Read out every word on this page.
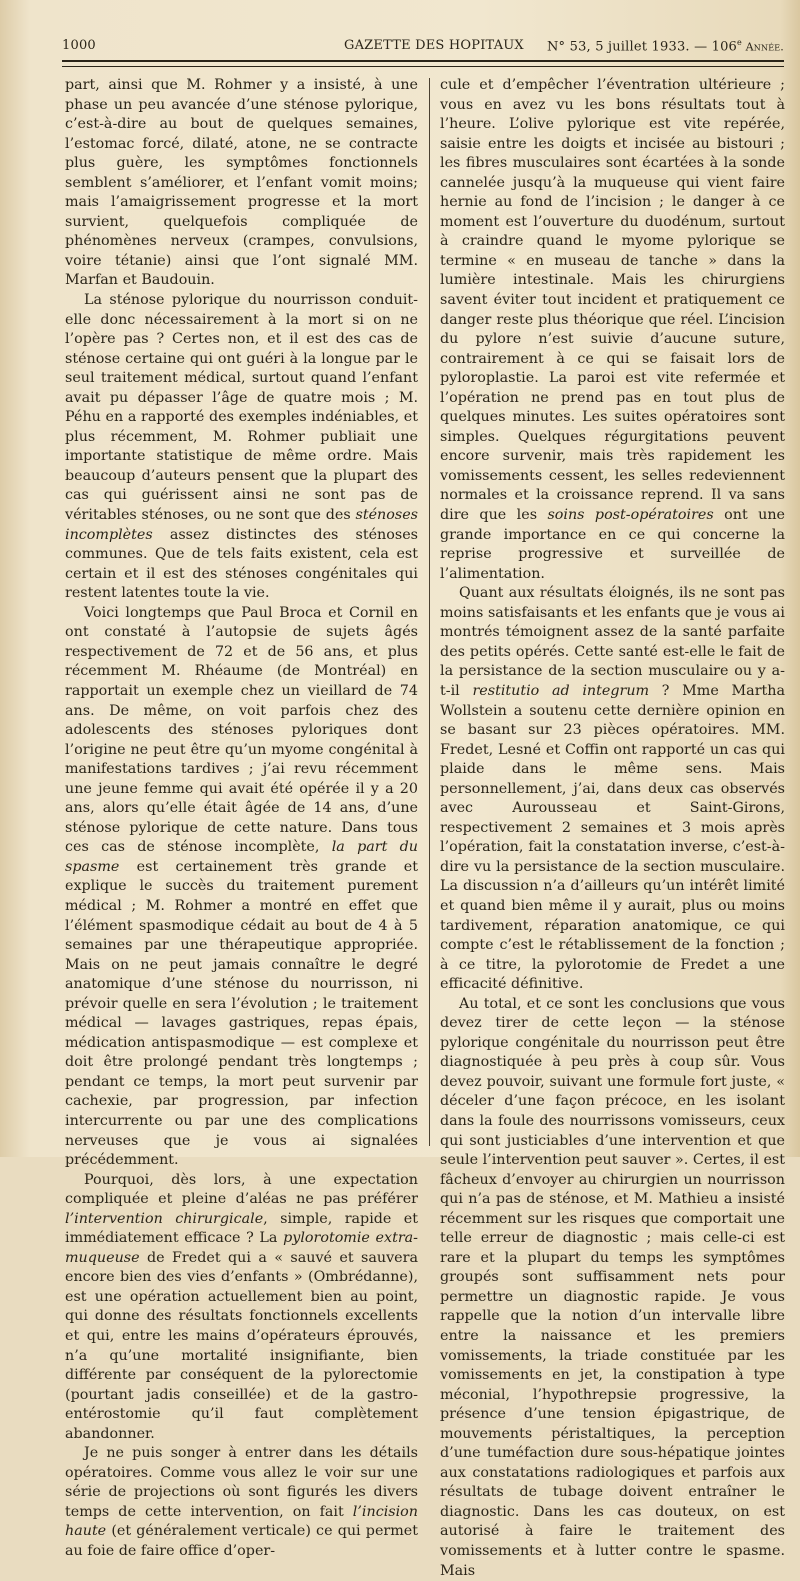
1000	GAZETTE DES HOPITAUX N° 53, 5 juillet 1933. — 106e Année.

part, ainsi que M. Rohmer y a insisté, à une phase un peu avancée d’une sténose pylorique, c’est-à-dire au bout de quelques semaines, l’estomac forcé, dilaté, atone, ne se contracte plus guère, les symptômes fonctionnels semblent s’améliorer, et l’enfant vomit moins; mais l’amaigrissement progresse et la mort survient, quelquefois compliquée de phénomènes nerveux (crampes, convulsions, voire tétanie) ainsi que l’ont signalé MM. Marfan et Baudouin.

La sténose pylorique du nourrisson conduit-elle donc nécessairement à la mort si on ne l’opère pas ? Certes non, et il est des cas de sténose certaine qui ont guéri à la longue par le seul traitement médical, surtout quand l’enfant avait pu dépasser l’âge de quatre mois ; M. Péhu en a rapporté des exemples indéniables, et plus récemment, M. Rohmer publiait une importante statistique de même ordre. Mais beaucoup d’auteurs pensent que la plupart des cas qui guérissent ainsi ne sont pas de véritables sténoses, ou ne sont que des sténoses incomplètes assez distinctes des sténoses communes. Que de tels faits existent, cela est certain et il est des sténoses congénitales qui restent latentes toute la vie.

Voici longtemps que Paul Broca et Cornil en ont constaté à l’autopsie de sujets âgés respectivement de 72 et de 56 ans, et plus récemment M. Rhéaume (de Montréal) en rapportait un exemple chez un vieillard de 74 ans. De même, on voit parfois chez des adolescents des sténoses pyloriques dont l’origine ne peut être qu’un myome congénital à manifestations tardives ; j’ai revu récemment une jeune femme qui avait été opérée il y a 20 ans, alors qu’elle était âgée de 14 ans, d’une sténose pylorique de cette nature. Dans tous ces cas de sténose incomplète, la part du spasme est certainement très grande et explique le succès du traitement purement médical ; M. Rohmer a montré en effet que l’élément spasmodique cédait au bout de 4 à 5 semaines par une thérapeutique appropriée. Mais on ne peut jamais connaître le degré anatomique d’une sténose du nourrisson, ni prévoir quelle en sera l’évolution ; le traitement médical — lavages gastriques, repas épais, médication antispasmodique — est complexe et doit être prolongé pendant très longtemps ; pendant ce temps, la mort peut survenir par cachexie, par progression, par infection intercurrente ou par une des complications nerveuses que je vous ai signalées précédemment.

Pourquoi, dès lors, à une expectation compliquée et pleine d’aléas ne pas préférer l’intervention chirurgicale, simple, rapide et immédiatement efficace ? La pylorotomie extra-muqueuse de Fredet qui a « sauvé et sauvera encore bien des vies d’enfants » (Ombrédanne), est une opération actuellement bien au point, qui donne des résultats fonctionnels excellents et qui, entre les mains d’opérateurs éprouvés, n’a qu’une mortalité insignifiante, bien différente par conséquent de la pylorectomie (pourtant jadis conseillée) et de la gastro-entérostomie qu’il faut complètement abandonner.

Je ne puis songer à entrer dans les détails opératoires. Comme vous allez le voir sur une série de projections où sont figurés les divers temps de cette intervention, on fait l’incision haute (et généralement verticale) ce qui permet au foie de faire office d’oper-

cule et d’empêcher l’éventration ultérieure ; vous en avez vu les bons résultats tout à l’heure. L’olive pylorique est vite repérée, saisie entre les doigts et incisée au bistouri ; les fibres musculaires sont écartées à la sonde cannelée jusqu’à la muqueuse qui vient faire hernie au fond de l’incision ; le danger à ce moment est l’ouverture du duodénum, surtout à craindre quand le myome pylorique se termine « en museau de tanche » dans la lumière intestinale. Mais les chirurgiens savent éviter tout incident et pratiquement ce danger reste plus théorique que réel. L’incision du pylore n’est suivie d’aucune suture, contrairement à ce qui se faisait lors de pyloroplastie. La paroi est vite refermée et l’opération ne prend pas en tout plus de quelques minutes. Les suites opératoires sont simples. Quelques régurgitations peuvent encore survenir, mais très rapidement les vomissements cessent, les selles redeviennent normales et la croissance reprend. Il va sans dire que les soins post-opératoires ont une grande importance en ce qui concerne la reprise progressive et surveillée de l’alimentation.

Quant aux résultats éloignés, ils ne sont pas moins satisfaisants et les enfants que je vous ai montrés témoignent assez de la santé parfaite des petits opérés. Cette santé est-elle le fait de la persistance de la section musculaire ou y a-t-il restitutio ad integrum ? Mme Martha Wollstein a soutenu cette dernière opinion en se basant sur 23 pièces opératoires. MM. Fredet, Lesné et Coffin ont rapporté un cas qui plaide dans le même sens. Mais personnellement, j’ai, dans deux cas observés avec Aurousseau et Saint-Girons, respectivement 2 semaines et 3 mois après l’opération, fait la constatation inverse, c’est-à-dire vu la persistance de la section musculaire. La discussion n’a d’ailleurs qu’un intérêt limité et quand bien même il y aurait, plus ou moins tardivement, réparation anatomique, ce qui compte c’est le rétablissement de la fonction ; à ce titre, la pylorotomie de Fredet a une efficacité définitive.

Au total, et ce sont les conclusions que vous devez tirer de cette leçon — la sténose pylorique congénitale du nourrisson peut être diagnostiquée à peu près à coup sûr. Vous devez pouvoir, suivant une formule fort juste, « déceler d’une façon précoce, en les isolant dans la foule des nourrissons vomisseurs, ceux qui sont justiciables d’une intervention et que seule l’intervention peut sauver ». Certes, il est fâcheux d’envoyer au chirurgien un nourrisson qui n’a pas de sténose, et M. Mathieu a insisté récemment sur les risques que comportait une telle erreur de diagnostic ; mais celle-ci est rare et la plupart du temps les symptômes groupés sont suffisamment nets pour permettre un diagnostic rapide. Je vous rappelle que la notion d’un intervalle libre entre la naissance et les premiers vomissements, la triade constituée par les vomissements en jet, la constipation à type méconial, l’hypothrepsie progressive, la présence d’une tension épigastrique, de mouvements péristaltiques, la perception d’une tuméfaction dure sous-hépatique jointes aux constatations radiologiques et parfois aux résultats de tubage doivent entraîner le diagnostic. Dans les cas douteux, on est autorisé à faire le traitement des vomissements et à lutter contre le spasme. Mais
